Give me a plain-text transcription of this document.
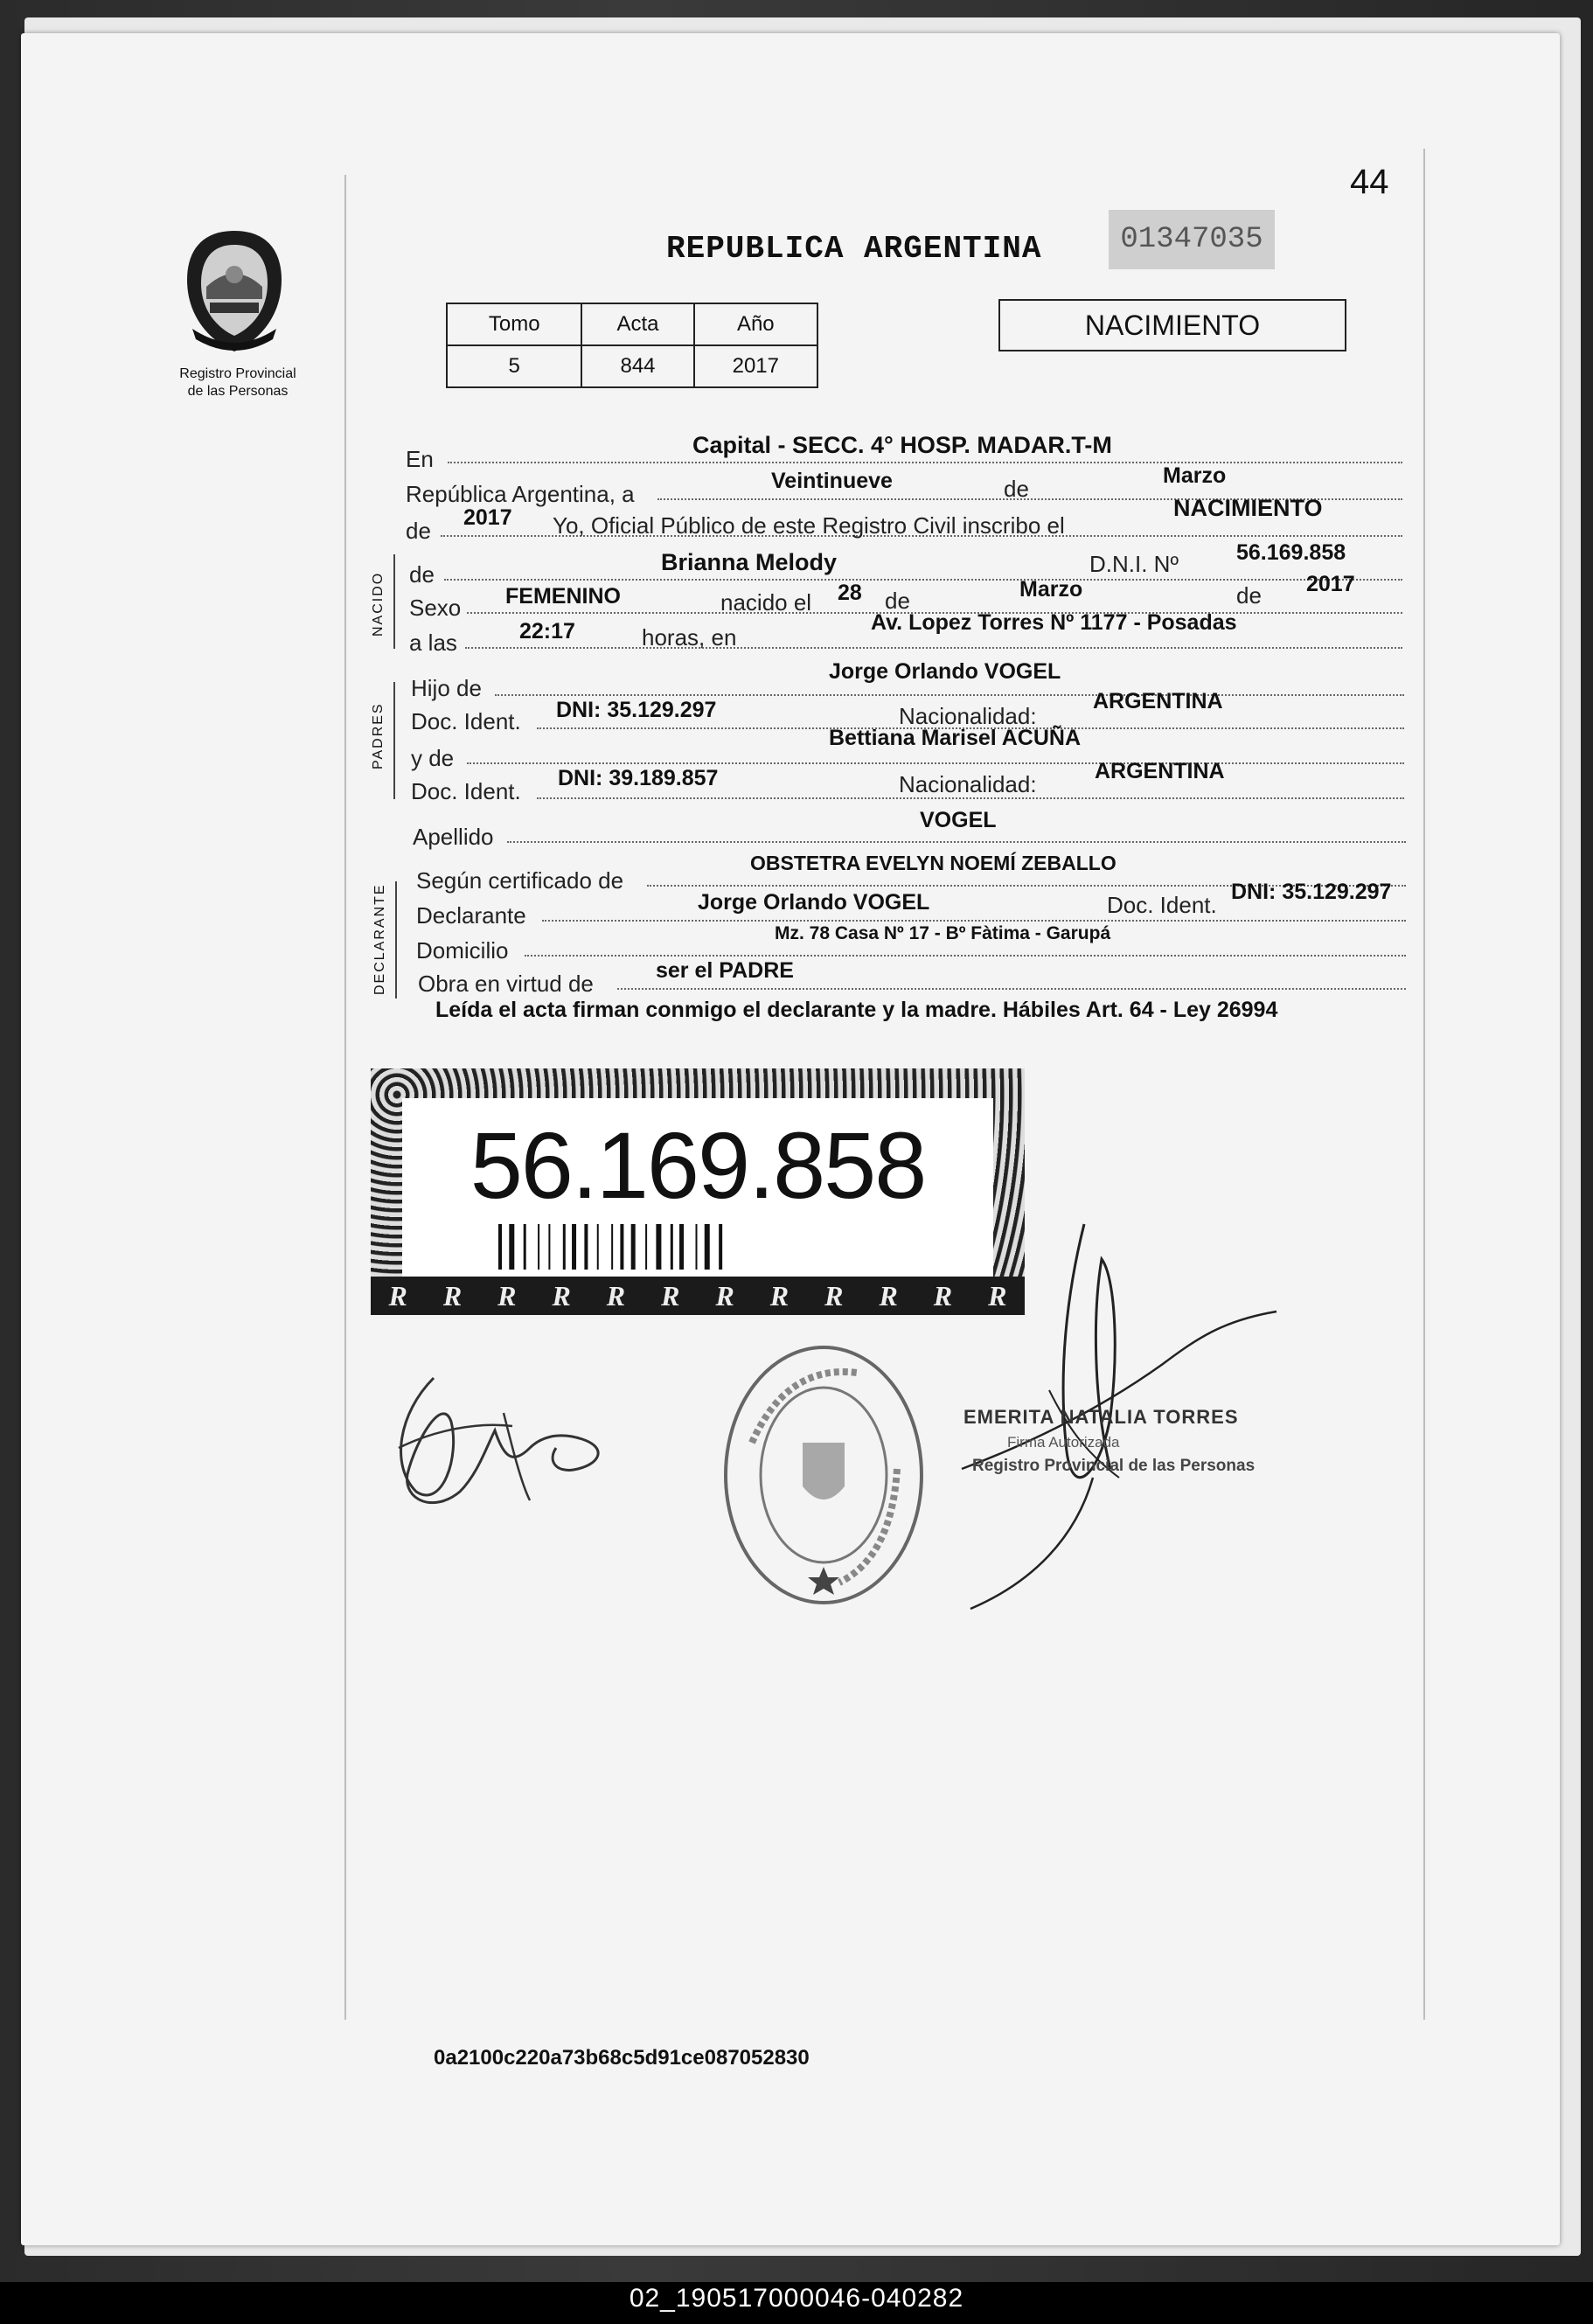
44
Registro Provincial
de las Personas
REPUBLICA ARGENTINA	01347035
Tomo	Acta	Año
5	844	2017
NACIMIENTO
En
Capital - SECC. 4° HOSP. MADAR.T-M
República Argentina, a	Veintinueve	de	Marzo
de 2017 Yo, Oficial Público de este Registro Civil inscribo el
NACIMIENTO
NACIDO de	Brianna Melody	D.N.I. Nº	56.169.858
Sexo FEMENINO	nacido el 28 de	Marzo	de 2017
a las	22:17	horas, en
Av. Lopez Torres Nº 1177 - Posadas
PADRES
Hijo de
Jorge Orlando VOGEL
Doc. Ident. DNI: 35.129.297	Nacionalidad:
ARGENTINA
y de
Bettiana Marisel ACUÑA
Doc. Ident. DNI: 39.189.857	Nacionalidad:	ARGENTINA
Apellido
VOGEL
DECLARANTE
Según certificado de
OBSTETRA EVELYN NOEMÍ ZEBALLO
Declarante	Jorge Orlando VOGEL	Doc. Ident. DNI: 35.129.297
Domicilio
Mz. 78 Casa Nº 17 - Bº Fàtima - Garupá
Obra en virtud de	ser el PADRE
Leída el acta firman conmigo el declarante y la madre. Hábiles Art. 64 - Ley 26994
56.169.858
R R R R R R R R R R R R
EMERITA NATALIA TORRES
Firma Autorizada
Registro Provincial de las Personas
0a2100c220a73b68c5d91ce087052830
02_190517000046-040282
